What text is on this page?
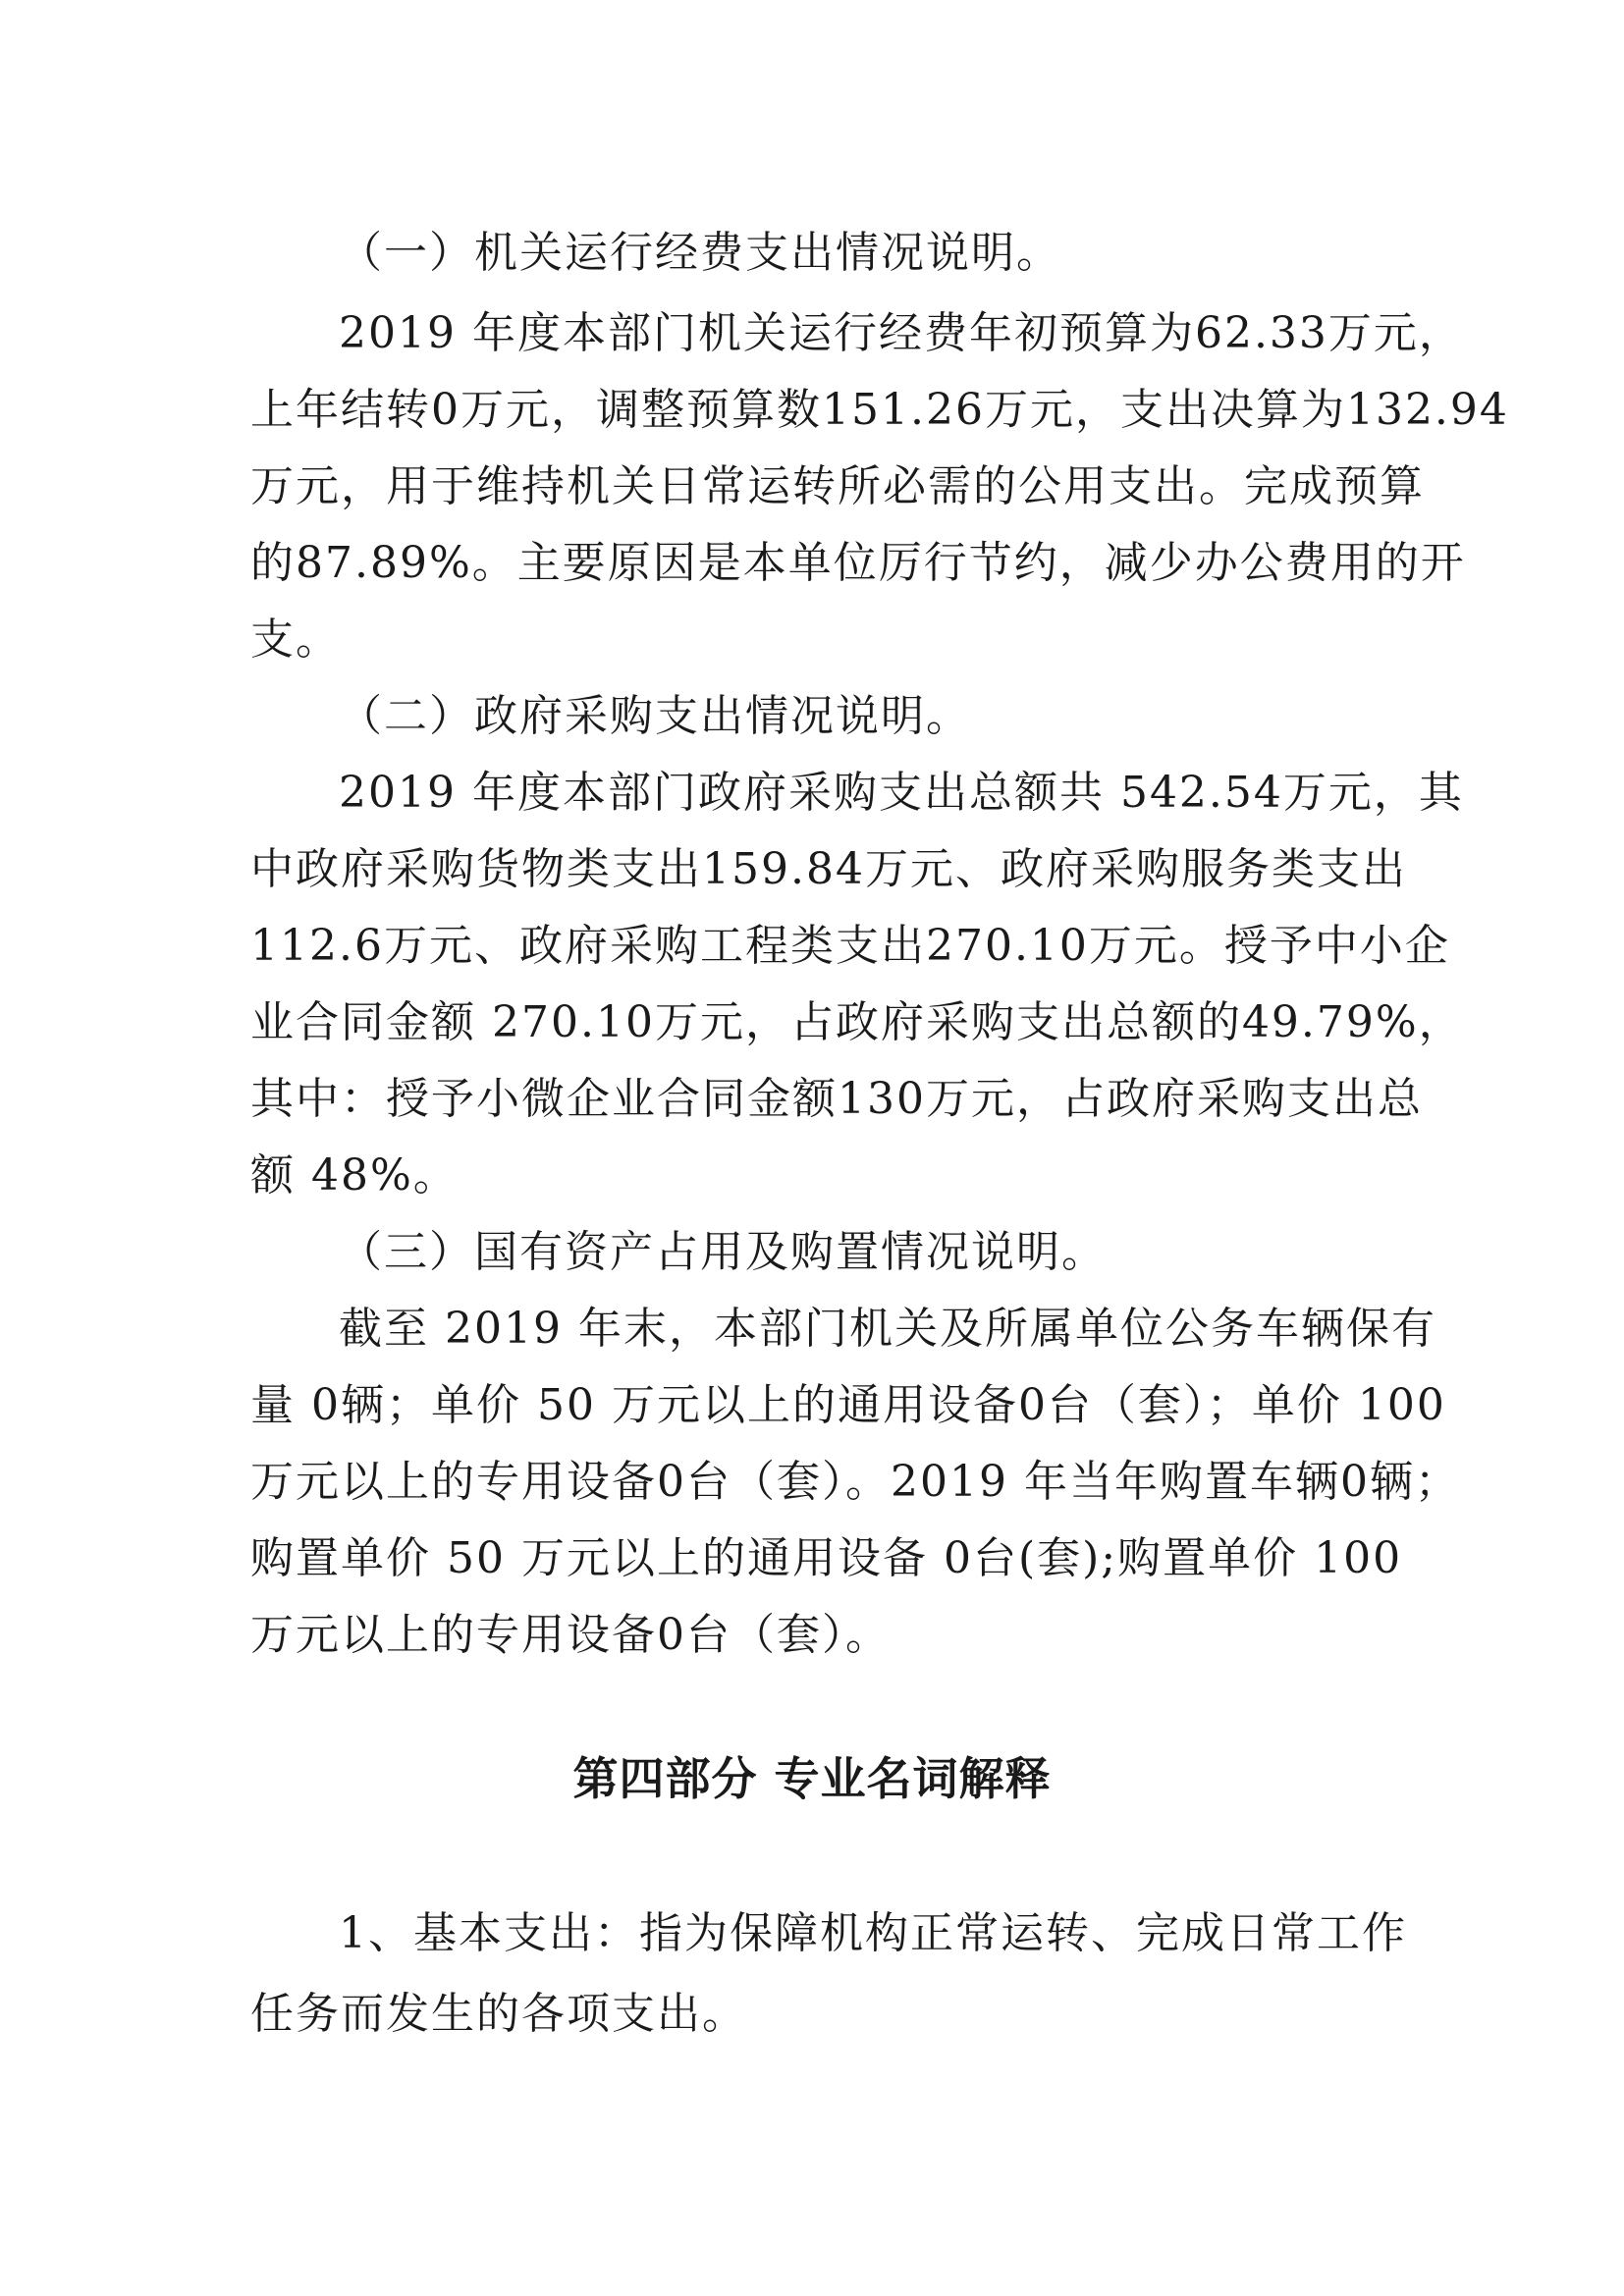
（一）机关运行经费支出情况说明。
2019 年度本部门机关运行经费年初预算为62.33万元，
上年结转0万元，调整预算数151.26万元，支出决算为132.94
万元，用于维持机关日常运转所必需的公用支出。完成预算
的87.89%。主要原因是本单位厉行节约，减少办公费用的开
支。
（二）政府采购支出情况说明。
2019 年度本部门政府采购支出总额共 542.54万元，其
中政府采购货物类支出159.84万元、政府采购服务类支出
112.6万元、政府采购工程类支出270.10万元。授予中小企
业合同金额 270.10万元，占政府采购支出总额的49.79%，
其中：授予小微企业合同金额130万元，占政府采购支出总
额 48%。
（三）国有资产占用及购置情况说明。
截至 2019 年末，本部门机关及所属单位公务车辆保有
量 0辆；单价 50 万元以上的通用设备0台（套）；单价 100
万元以上的专用设备0台（套）。2019 年当年购置车辆0辆；
购置单价 50 万元以上的通用设备 0台(套);购置单价 100
万元以上的专用设备0台（套）。
第四部分 专业名词解释
1、基本支出：指为保障机构正常运转、完成日常工作
任务而发生的各项支出。
